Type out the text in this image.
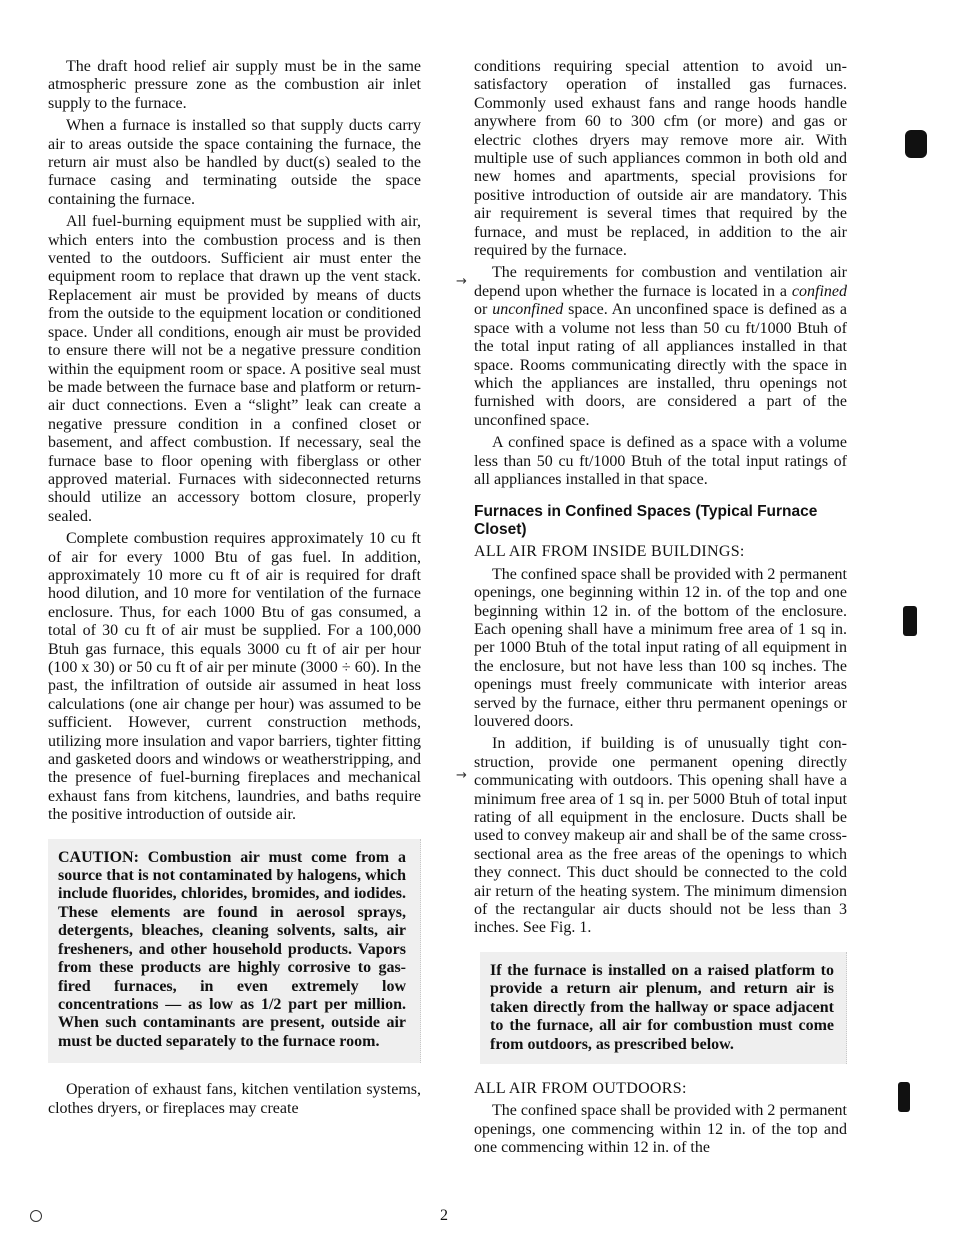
The draft hood relief air supply must be in the same atmospheric pressure zone as the combustion air inlet supply to the furnace.

When a furnace is installed so that supply ducts carry air to areas outside the space containing the furnace, the return air must also be handled by duct(s) sealed to the furnace casing and terminating outside the space containing the furnace.

All fuel-burning equipment must be supplied with air, which enters into the combustion process and is then vented to the outdoors. Sufficient air must enter the equipment room to replace that drawn up the vent stack. Replacement air must be provided by means of ducts from the outside to the equipment location or conditioned space. Under all conditions, enough air must be provided to ensure there will not be a negative pressure condition within the equipment room or space. A positive seal must be made between the furnace base and platform or return-air duct connections. Even a “slight” leak can create a negative pressure condition in a confined closet or basement, and affect combustion. If necessary, seal the furnace base to floor opening with fiberglass or other approved material. Furnaces with sideconnected returns should utilize an accessory bottom closure, properly sealed.

Complete combustion requires approximately 10 cu ft of air for every 1000 Btu of gas fuel. In addition, approximately 10 more cu ft of air is required for draft hood dilution, and 10 more for ventilation of the furnace enclosure. Thus, for each 1000 Btu of gas consumed, a total of 30 cu ft of air must be supplied. For a 100,000 Btuh gas furnace, this equals 3000 cu ft of air per hour (100 x 30) or 50 cu ft of air per minute (3000 ÷ 60). In the past, the infiltration of outside air assumed in heat loss calculations (one air change per hour) was assumed to be sufficient. However, current construction methods, utilizing more insulation and vapor barriers, tighter fitting and gasketed doors and windows or weatherstripping, and the presence of fuel-burning fireplaces and mechanical exhaust fans from kitchens, laundries, and baths require the positive introduction of outside air.

CAUTION: Combustion air must come from a source that is not contaminated by halogens, which include fluorides, chlorides, bromides, and iodides. These elements are found in aerosol sprays, detergents, bleaches, cleaning solvents, salts, air fresheners, and other household products. Vapors from these products are highly corrosive to gas-fired furnaces, in even extremely low concentrations — as low as 1/2 part per million. When such contaminants are present, outside air must be ducted separately to the furnace room.

Operation of exhaust fans, kitchen ventilation systems, clothes dryers, or fireplaces may create

conditions requiring special attention to avoid unsatisfactory operation of installed gas furnaces. Commonly used exhaust fans and range hoods handle anywhere from 60 to 300 cfm (or more) and gas or electric clothes dryers may remove more air. With multiple use of such appliances common in both old and new homes and apartments, special provisions for positive introduction of outside air are mandatory. This air requirement is several times that required by the furnace, and must be replaced, in addition to the air required by the furnace.

The requirements for combustion and ventilation air depend upon whether the furnace is located in a confined or unconfined space. An unconfined space is defined as a space with a volume not less than 50 cu ft/1000 Btuh of the total input rating of all appliances installed in that space. Rooms communicating directly with the space in which the appliances are installed, thru openings not furnished with doors, are considered a part of the unconfined space.

A confined space is defined as a space with a volume less than 50 cu ft/1000 Btuh of the total input ratings of all appliances installed in that space.

Furnaces in Confined Spaces (Typical Furnace Closet)

ALL AIR FROM INSIDE BUILDINGS:

The confined space shall be provided with 2 permanent openings, one beginning within 12 in. of the top and one beginning within 12 in. of the bottom of the enclosure. Each opening shall have a minimum free area of 1 sq in. per 1000 Btuh of the total input rating of all equipment in the enclosure, but not have less than 100 sq inches. The openings must freely communicate with interior areas served by the furnace, either thru permanent openings or louvered doors.

In addition, if building is of unusually tight construction, provide one permanent opening directly communicating with outdoors. This opening shall have a minimum free area of 1 sq in. per 5000 Btuh of total input rating of all equipment in the enclosure. Ducts shall be used to convey makeup air and shall be of the same cross-sectional area as the free areas of the openings to which they connect. This duct should be connected to the cold air return of the heating system. The minimum dimension of the rectangular air ducts should not be less than 3 inches. See Fig. 1.

If the furnace is installed on a raised platform to provide a return air plenum, and return air is taken directly from the hallway or space adjacent to the furnace, all air for combustion must come from outdoors, as prescribed below.

ALL AIR FROM OUTDOORS:

The confined space shall be provided with 2 permanent openings, one commencing within 12 in. of the top and one commencing within 12 in. of the

→
→
2
